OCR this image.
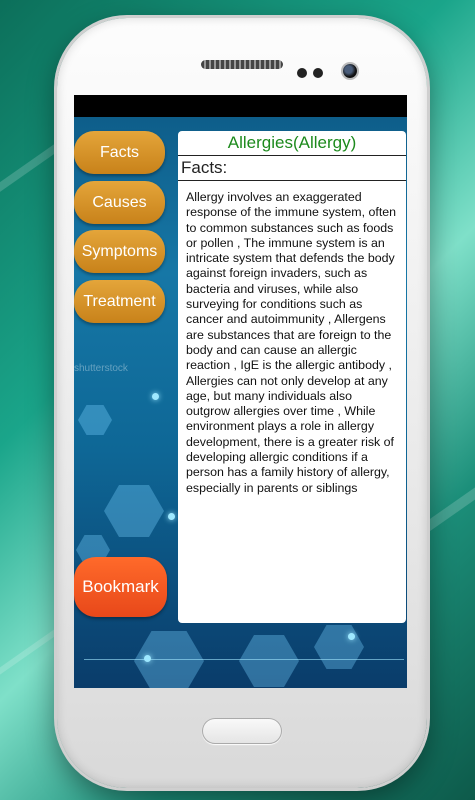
shutterstock
Facts
Causes
Symptoms
Treatment
Bookmark
Allergies(Allergy)
Facts:
Allergy involves an exaggerated response of the immune system, often to common substances such as foods or pollen , The immune system is an intricate system that defends the body against foreign invaders, such as bacteria and viruses, while also surveying for conditions such as cancer and autoimmunity , Allergens are substances that are foreign to the body and can cause an allergic reaction , IgE is the allergic antibody , Allergies can not only develop at any age, but many individuals also outgrow allergies over time , While environment plays a role in allergy development, there is a greater risk of developing allergic conditions if a person has a family history of allergy, especially in parents or siblings
